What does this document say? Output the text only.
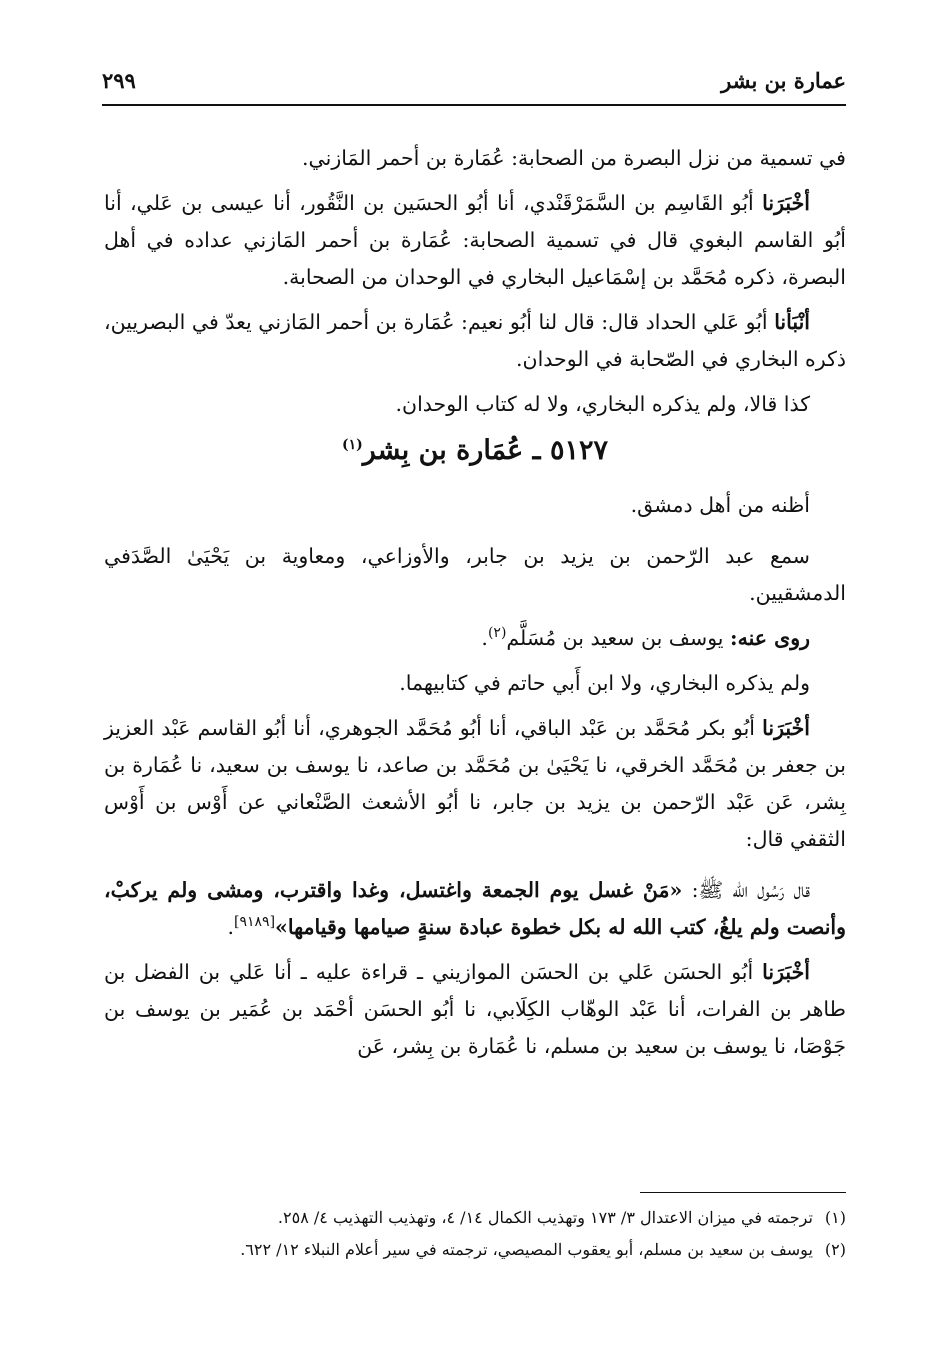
عمارة بن بشر
٢٩٩

في تسمية من نزل البصرة من الصحابة: عُمَارة بن أحمر المَازني.

أخْبَرَنا أبُو القَاسِم بن السَّمَرْقَنْدي، أنا أبُو الحسَين بن النَّقُور، أنا عيسى بن عَلي، أنا أبُو القاسم البغوي قال في تسمية الصحابة: عُمَارة بن أحمر المَازني عداده في أهل البصرة، ذكره مُحَمَّد بن إسْمَاعيل البخاري في الوحدان من الصحابة.

أنْبَأنا أبُو عَلي الحداد قال: قال لنا أبُو نعيم: عُمَارة بن أحمر المَازني يعدّ في البصريين، ذكره البخاري في الصّحابة في الوحدان.

كذا قالا، ولم يذكره البخاري، ولا له كتاب الوحدان.

٥١٢٧ ـ عُمَارة بن بِشر$^{(١)}$

أظنه من أهل دمشق.

سمع عبد الرّحمن بن يزيد بن جابر، والأوزاعي، ومعاوية بن يَحْيَىٰ الصَّدَفي الدمشقيين.

روى عنه: يوسف بن سعيد بن مُسَلَّم$^{(٢)}$.

ولم يذكره البخاري، ولا ابن أَبي حاتم في كتابيهما.

أخْبَرَنا أبُو بكر مُحَمَّد بن عَبْد الباقي، أنا أبُو مُحَمَّد الجوهري، أنا أبُو القاسم عَبْد العزيز بن جعفر بن مُحَمَّد الخرقي، نا يَحْيَىٰ بن مُحَمَّد بن صاعد، نا يوسف بن سعيد، نا عُمَارة بن بِشر، عَن عَبْد الرّحمن بن يزيد بن جابر، نا أبُو الأشعث الصَّنْعاني عن أَوْس بن أَوْس الثقفي قال:

قال رَسُول الله ﷺ: «مَنْ غسل يوم الجمعة واغتسل، وغدا واقترب، ومشى ولم يركبْ، وأنصت ولم يلغُ، كتب الله له بكل خطوة عبادة سنةٍ صيامها وقيامها»[٩١٨٩].

أخْبَرَنا أبُو الحسَن عَلي بن الحسَن الموازيني ـ قراءة عليه ـ أنا عَلي بن الفضل بن طاهر بن الفرات، أنا عَبْد الوهّاب الكِلَابي، نا أبُو الحسَن أحْمَد بن عُمَير بن يوسف بن جَوْصَا، نا يوسف بن سعيد بن مسلم، نا عُمَارة بن بِشر، عَن

(١)ترجمته في ميزان الاعتدال ٣/ ١٧٣ وتهذيب الكمال ١٤/ ٤، وتهذيب التهذيب ٤/ ٢٥٨.

(٢)يوسف بن سعيد بن مسلم، أبو يعقوب المصيصي، ترجمته في سير أعلام النبلاء ١٢/ ٦٢٢.
